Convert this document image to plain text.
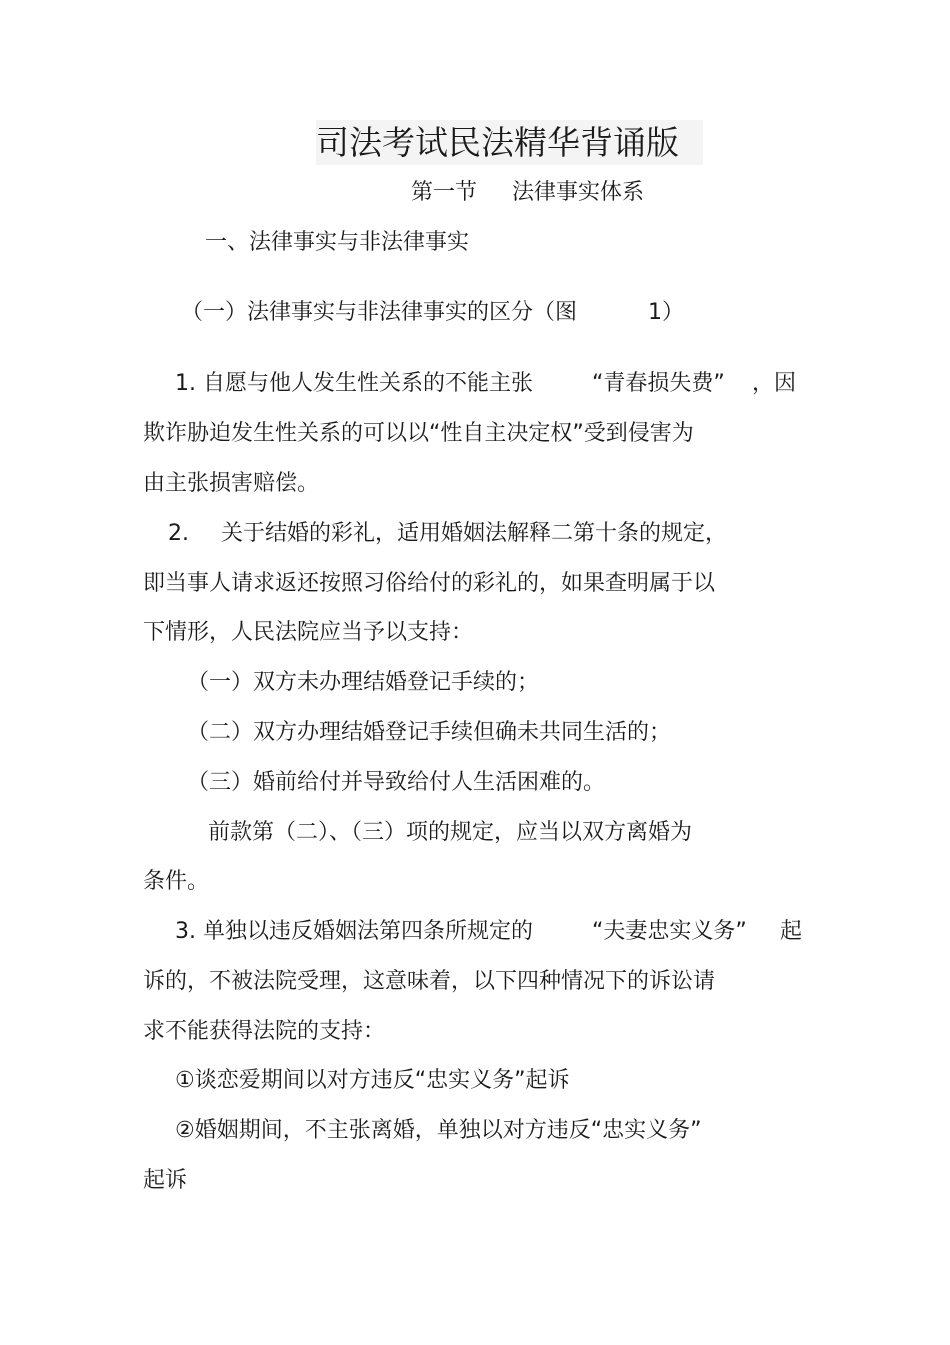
司法考试民法精华背诵版
第一节 法律事实体系
一、法律事实与非法律事实
（一）法律事实与非法律事实的区分（图	1）
1. 自愿与他人发生性关系的不能主张	“青春损失费” ，因
欺诈胁迫发生性关系的可以以“性自主决定权”受到侵害为
由主张损害赔偿。
2. 关于结婚的彩礼，适用婚姻法解释二第十条的规定，
即当事人请求返还按照习俗给付的彩礼的，如果查明属于以
下情形，人民法院应当予以支持：
（一）双方未办理结婚登记手续的；
（二）双方办理结婚登记手续但确未共同生活的；
（三）婚前给付并导致给付人生活困难的。
前款第（二）、（三）项的规定，应当以双方离婚为
条件。
3. 单独以违反婚姻法第四条所规定的	“夫妻忠实义务” 起
诉的，不被法院受理，这意味着，以下四种情况下的诉讼请
求不能获得法院的支持：
①谈恋爱期间以对方违反“忠实义务”起诉
②婚姻期间，不主张离婚，单独以对方违反“忠实义务”
起诉
